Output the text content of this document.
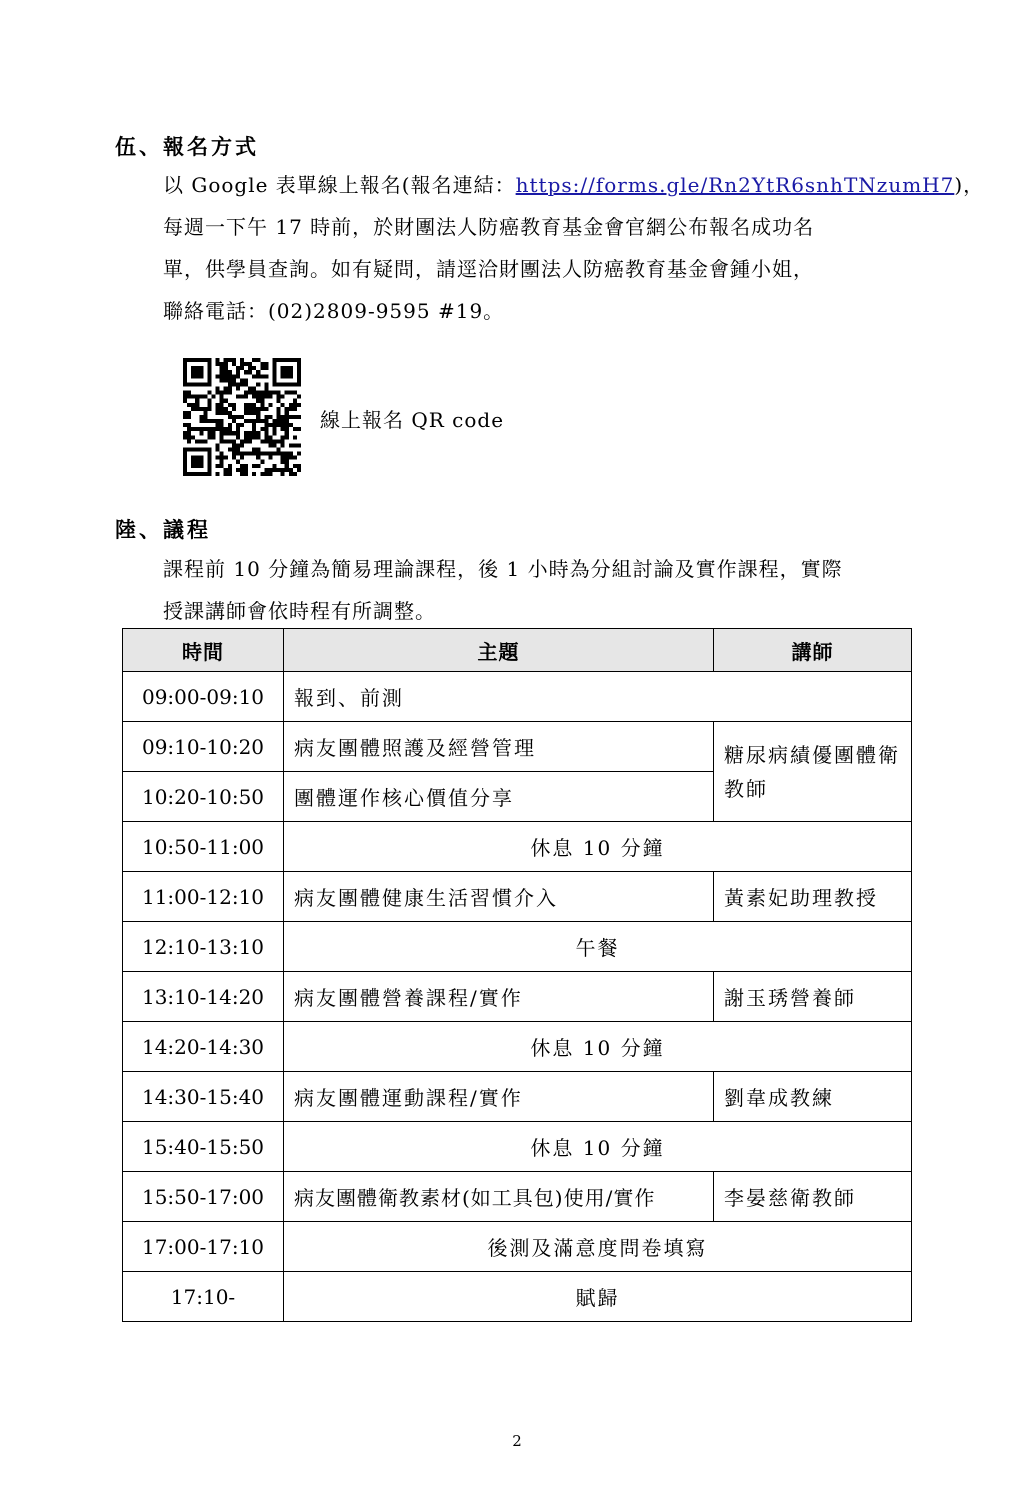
伍、報名方式
以 Google 表單線上報名(報名連結：https://forms.gle/Rn2YtR6snhTNzumH7)，
每週一下午 17 時前，於財團法人防癌教育基金會官網公布報名成功名
單，供學員查詢。如有疑問，請逕洽財團法人防癌教育基金會鍾小姐，
聯絡電話：(02)2809-9595 #19。
線上報名 QR code
陸、議程
課程前 10 分鐘為簡易理論課程，後 1 小時為分組討論及實作課程，實際
授課講師會依時程有所調整。
時間	主題	講師
09:00-09:10	報到、前測	
09:10-10:20	病友團體照護及經營管理	糖尿病績優團體衛教師
10:20-10:50	團體運作核心價值分享	
10:50-11:00	休息 10 分鐘	
11:00-12:10	病友團體健康生活習慣介入	黃素妃助理教授
12:10-13:10	午餐	
13:10-14:20	病友團體營養課程/實作	謝玉琇營養師
14:20-14:30	休息 10 分鐘	
14:30-15:40	病友團體運動課程/實作	劉韋成教練
15:40-15:50	休息 10 分鐘	
15:50-17:00	病友團體衛教素材(如工具包)使用/實作	李晏慈衛教師
17:00-17:10	後測及滿意度問卷填寫	
17:10-	賦歸	
2
